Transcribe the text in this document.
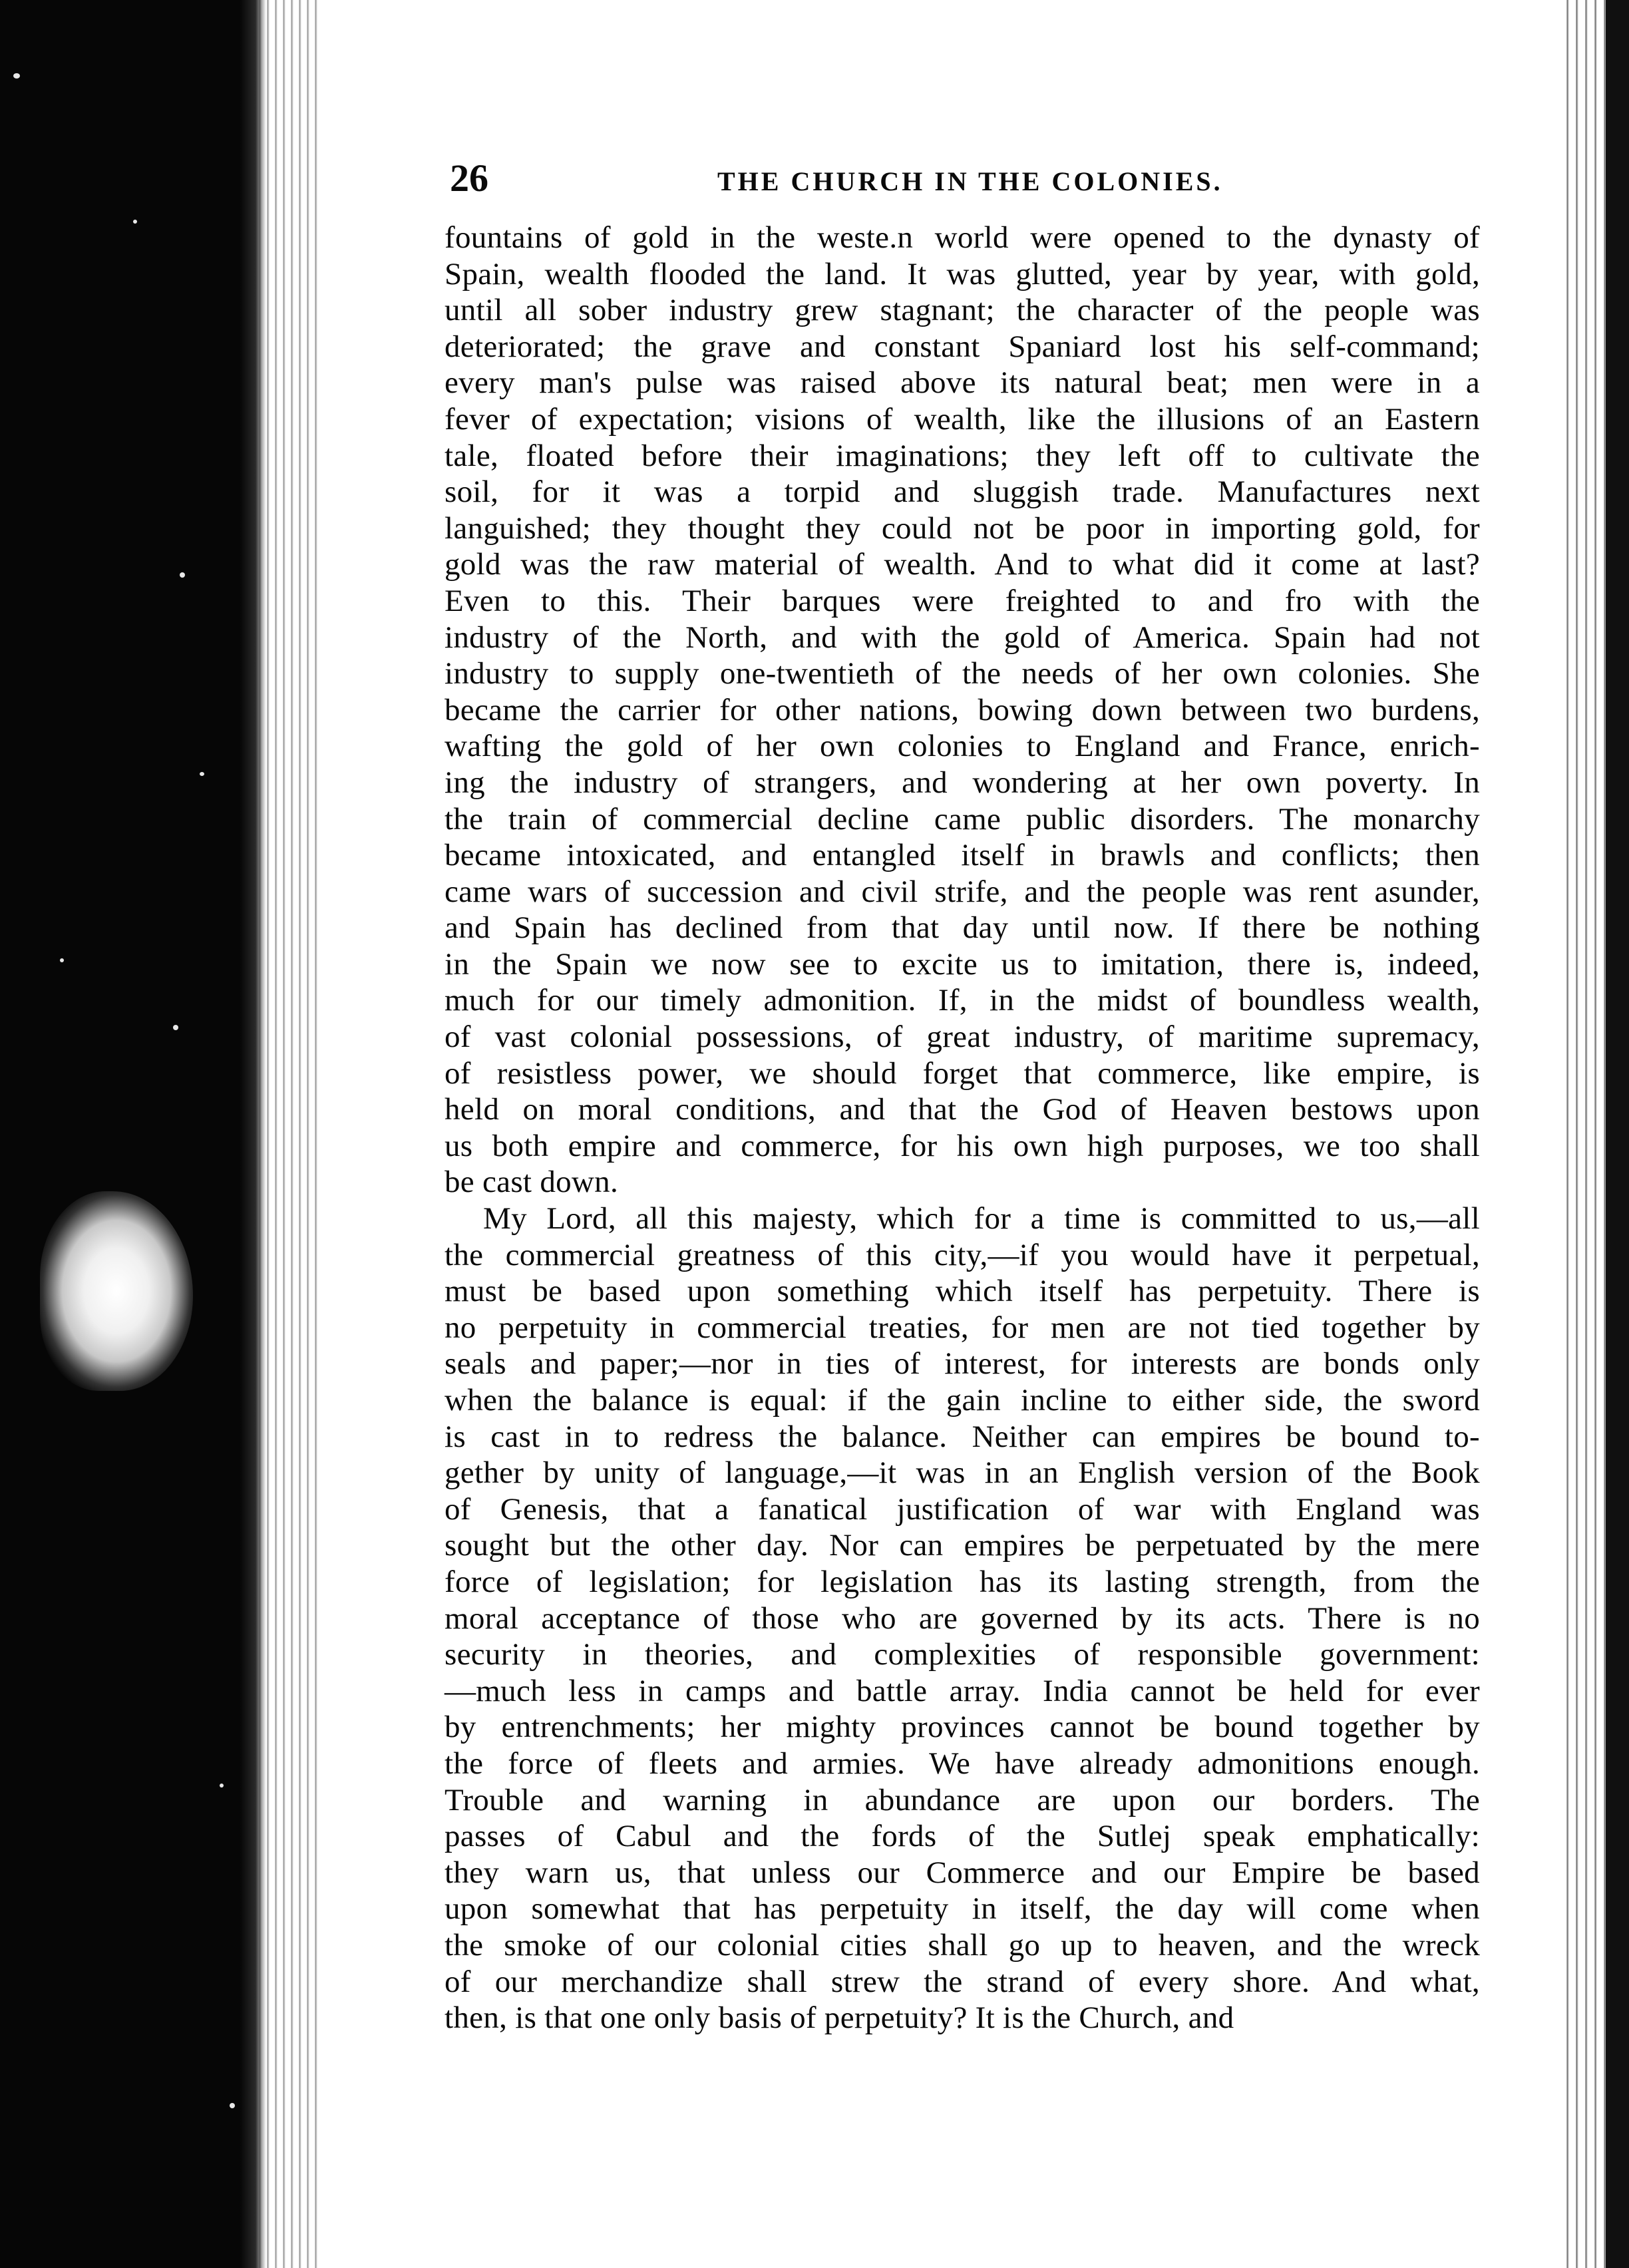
26	THE CHURCH IN THE COLONIES.
fountains of gold in the weste.n world were opened to the dynasty of
Spain, wealth flooded the land. It was glutted, year by year, with gold,
until all sober industry grew stagnant; the character of the people was
deteriorated; the grave and constant Spaniard lost his self-command;
every man's pulse was raised above its natural beat; men were in a
fever of expectation; visions of wealth, like the illusions of an Eastern
tale, floated before their imaginations; they left off to cultivate the
soil, for it was a torpid and sluggish trade. Manufactures next
languished; they thought they could not be poor in importing gold, for
gold was the raw material of wealth. And to what did it come at last?
Even to this. Their barques were freighted to and fro with the
industry of the North, and with the gold of America. Spain had not
industry to supply one-twentieth of the needs of her own colonies. She
became the carrier for other nations, bowing down between two burdens,
wafting the gold of her own colonies to England and France, enrich-
ing the industry of strangers, and wondering at her own poverty. In
the train of commercial decline came public disorders. The monarchy
became intoxicated, and entangled itself in brawls and conflicts; then
came wars of succession and civil strife, and the people was rent asunder,
and Spain has declined from that day until now. If there be nothing
in the Spain we now see to excite us to imitation, there is, indeed,
much for our timely admonition. If, in the midst of boundless wealth,
of vast colonial possessions, of great industry, of maritime supremacy,
of resistless power, we should forget that commerce, like empire, is
held on moral conditions, and that the God of Heaven bestows upon
us both empire and commerce, for his own high purposes, we too shall
be cast down.
My Lord, all this majesty, which for a time is committed to us,—all
the commercial greatness of this city,—if you would have it perpetual,
must be based upon something which itself has perpetuity. There is
no perpetuity in commercial treaties, for men are not tied together by
seals and paper;—nor in ties of interest, for interests are bonds only
when the balance is equal: if the gain incline to either side, the sword
is cast in to redress the balance. Neither can empires be bound to-
gether by unity of language,—it was in an English version of the Book
of Genesis, that a fanatical justification of war with England was
sought but the other day. Nor can empires be perpetuated by the mere
force of legislation; for legislation has its lasting strength, from the
moral acceptance of those who are governed by its acts. There is no
security in theories, and complexities of responsible government:
—much less in camps and battle array. India cannot be held for ever
by entrenchments; her mighty provinces cannot be bound together by
the force of fleets and armies. We have already admonitions enough.
Trouble and warning in abundance are upon our borders. The
passes of Cabul and the fords of the Sutlej speak emphatically:
they warn us, that unless our Commerce and our Empire be based
upon somewhat that has perpetuity in itself, the day will come when
the smoke of our colonial cities shall go up to heaven, and the wreck
of our merchandize shall strew the strand of every shore. And what,
then, is that one only basis of perpetuity? It is the Church, and
